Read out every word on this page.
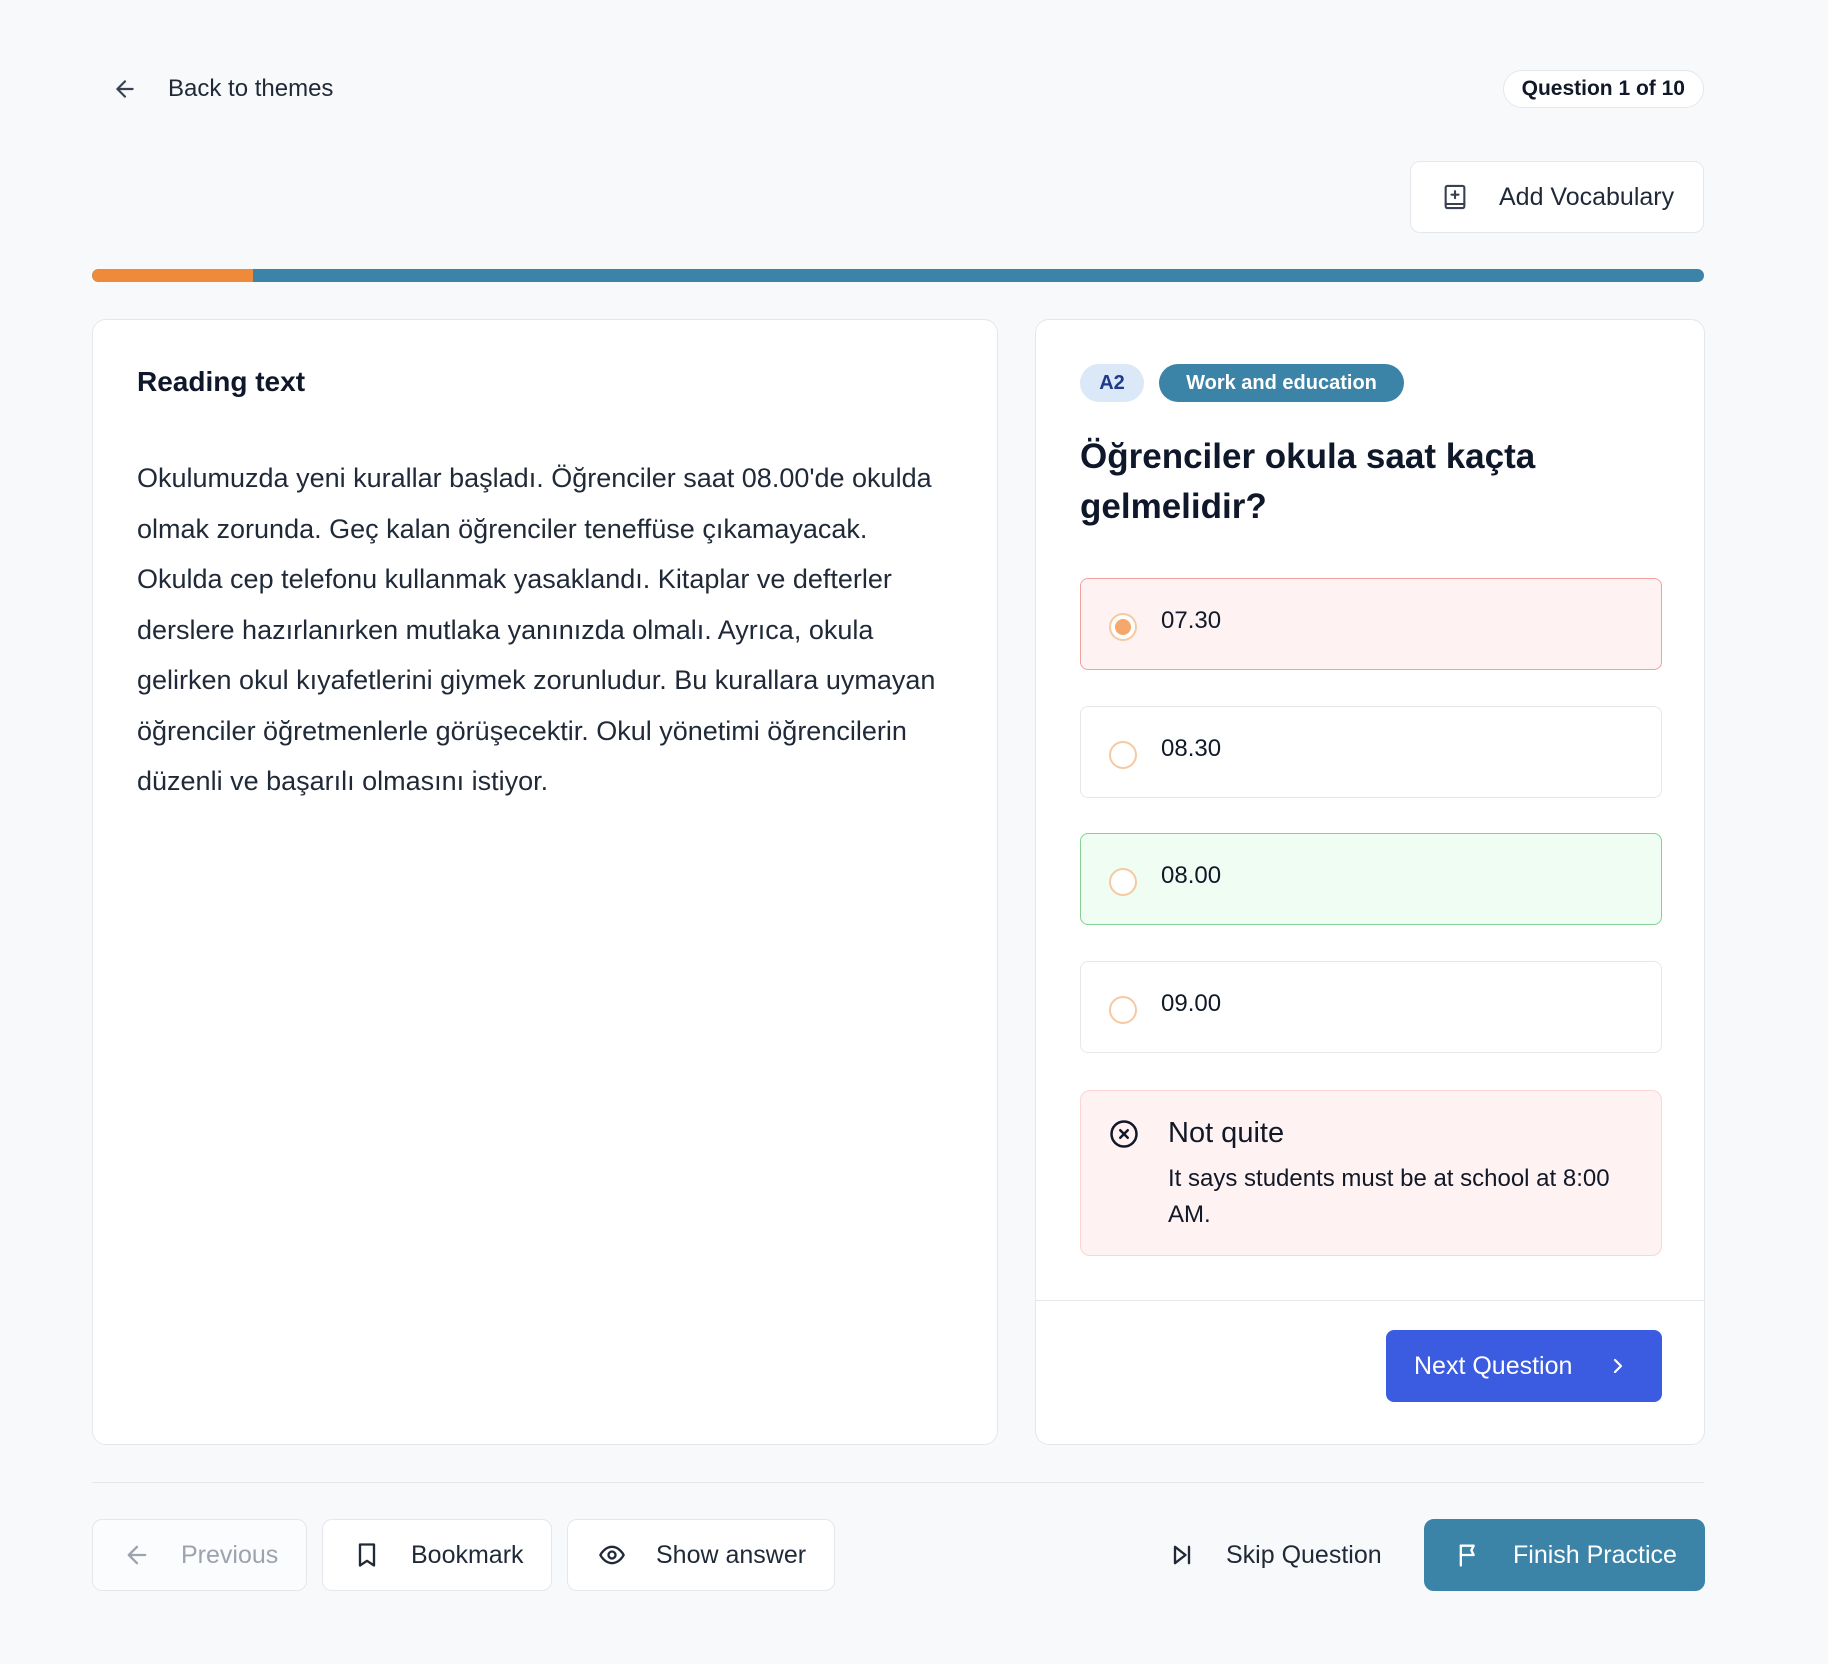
Back to themes	Question 1 of 10
Add Vocabulary
Reading text
Okulumuzda yeni kurallar başladı. Öğrenciler saat 08.00'de okulda olmak zorunda. Geç kalan öğrenciler teneffüse çıkamayacak. Okulda cep telefonu kullanmak yasaklandı. Kitaplar ve defterler derslere hazırlanırken mutlaka yanınızda olmalı. Ayrıca, okula gelirken okul kıyafetlerini giymek zorunludur. Bu kurallara uymayan öğrenciler öğretmenlerle görüşecektir. Okul yönetimi öğrencilerin düzenli ve başarılı olmasını istiyor.
A2	Work and education
Öğrenciler okula saat kaçta gelmelidir?
07.30
08.30
08.00
09.00
Not quite
It says students must be at school at 8:00 AM.
Next Question
Previous	Bookmark	Show answer	Skip Question	Finish Practice
